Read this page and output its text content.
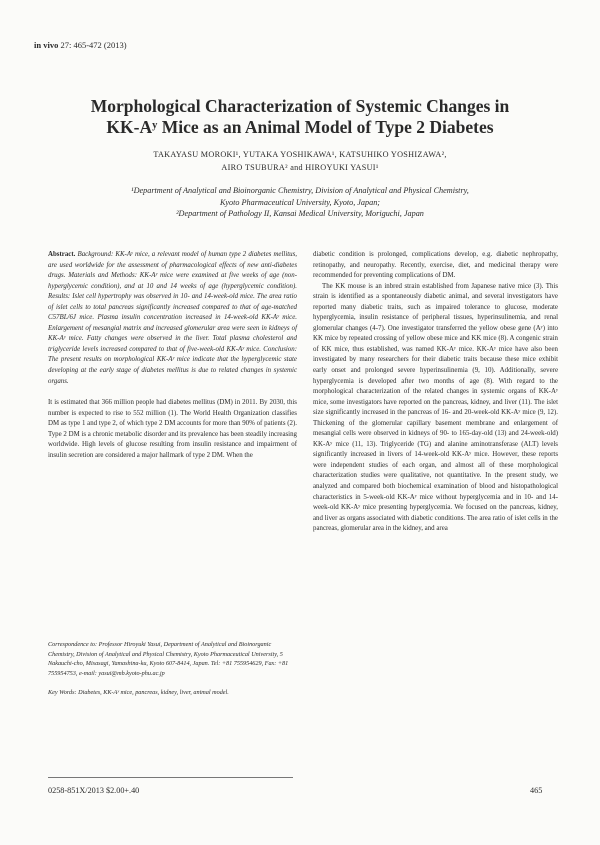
in vivo 27: 465-472 (2013)
Morphological Characterization of Systemic Changes in
KK-Aʸ Mice as an Animal Model of Type 2 Diabetes
TAKAYASU MOROKI¹, YUTAKA YOSHIKAWA¹, KATSUHIKO YOSHIZAWA²,
AIRO TSUBURA² and HIROYUKI YASUI¹
¹Department of Analytical and Bioinorganic Chemistry, Division of Analytical and Physical Chemistry,
Kyoto Pharmaceutical University, Kyoto, Japan;
²Department of Pathology II, Kansai Medical University, Moriguchi, Japan

Abstract. Background: KK-Aʸ mice, a relevant model of human type 2 diabetes mellitus, are used worldwide for the assessment of pharmacological effects of new anti-diabetes drugs. Materials and Methods: KK-Aʸ mice were examined at five weeks of age (non-hyperglycemic condition), and at 10 and 14 weeks of age (hyperglycemic condition). Results: Islet cell hypertrophy was observed in 10- and 14-week-old mice. The area ratio of islet cells to total pancreas significantly increased compared to that of age-matched C57BL/6J mice. Plasma insulin concentration increased in 14-week-old KK-Aʸ mice. Enlargement of mesangial matrix and increased glomerular area were seen in kidneys of KK-Aʸ mice. Fatty changes were observed in the liver. Total plasma cholesterol and triglyceride levels increased compared to that of five-week-old KK-Aʸ mice. Conclusion: The present results on morphological KK-Aʸ mice indicate that the hyperglycemic state developing at the early stage of diabetes mellitus is due to related changes in systemic organs.

It is estimated that 366 million people had diabetes mellitus (DM) in 2011. By 2030, this number is expected to rise to 552 million (1). The World Health Organization classifies DM as type 1 and type 2, of which type 2 DM accounts for more than 90% of patients (2). Type 2 DM is a chronic metabolic disorder and its prevalence has been steadily increasing worldwide. High levels of glucose resulting from insulin resistance and impairment of insulin secretion are considered a major hallmark of type 2 DM. When the

Correspondence to: Professor Hiroyuki Yasui, Department of Analytical and Bioinorganic Chemistry, Division of Analytical and Physical Chemistry, Kyoto Pharmaceutical University, 5 Nakauchi-cho, Misasagi, Yamashina-ku, Kyoto 607-8414, Japan. Tel: +81 755954629, Fax: +81 755954753, e-mail: yasui@mb.kyoto-phu.ac.jp

Key Words: Diabetes, KK-Aʸ mice, pancreas, kidney, liver, animal model.

0258-851X/2013 $2.00+.40

diabetic condition is prolonged, complications develop, e.g. diabetic nephropathy, retinopathy, and neuropathy. Recently, exercise, diet, and medicinal therapy were recommended for preventing complications of DM.

The KK mouse is an inbred strain established from Japanese native mice (3). This strain is identified as a spontaneously diabetic animal, and several investigators have reported many diabetic traits, such as impaired tolerance to glucose, moderate hyperglycemia, insulin resistance of peripheral tissues, hyperinsulinemia, and renal glomerular changes (4-7). One investigator transferred the yellow obese gene (Aʸ) into KK mice by repeated crossing of yellow obese mice and KK mice (8). A congenic strain of KK mice, thus established, was named KK-Aʸ mice. KK-Aʸ mice have also been investigated by many researchers for their diabetic traits because these mice exhibit early onset and prolonged severe hyperinsulinemia (9, 10). Additionally, severe hyperglycemia is developed after two months of age (8). With regard to the morphological characterization of the related changes in systemic organs of KK-Aʸ mice, some investigators have reported on the pancreas, kidney, and liver (11). The islet size significantly increased in the pancreas of 16- and 20-week-old KK-Aʸ mice (9, 12). Thickening of the glomerular capillary basement membrane and enlargement of mesangial cells were observed in kidneys of 90- to 165-day-old (13) and 24-week-old) KK-Aʸ mice (11, 13). Triglyceride (TG) and alanine aminotransferase (ALT) levels significantly increased in livers of 14-week-old KK-Aʸ mice. However, these reports were independent studies of each organ, and almost all of these morphological characterization studies were qualitative, not quantitative. In the present study, we analyzed and compared both biochemical examination of blood and histopathological characteristics in 5-week-old KK-Aʸ mice without hyperglycemia and in 10- and 14-week-old KK-Aʸ mice presenting hyperglycemia. We focused on the pancreas, kidney, and liver as organs associated with diabetic conditions. The area ratio of islet cells in the pancreas, glomerular area in the kidney, and area

465
